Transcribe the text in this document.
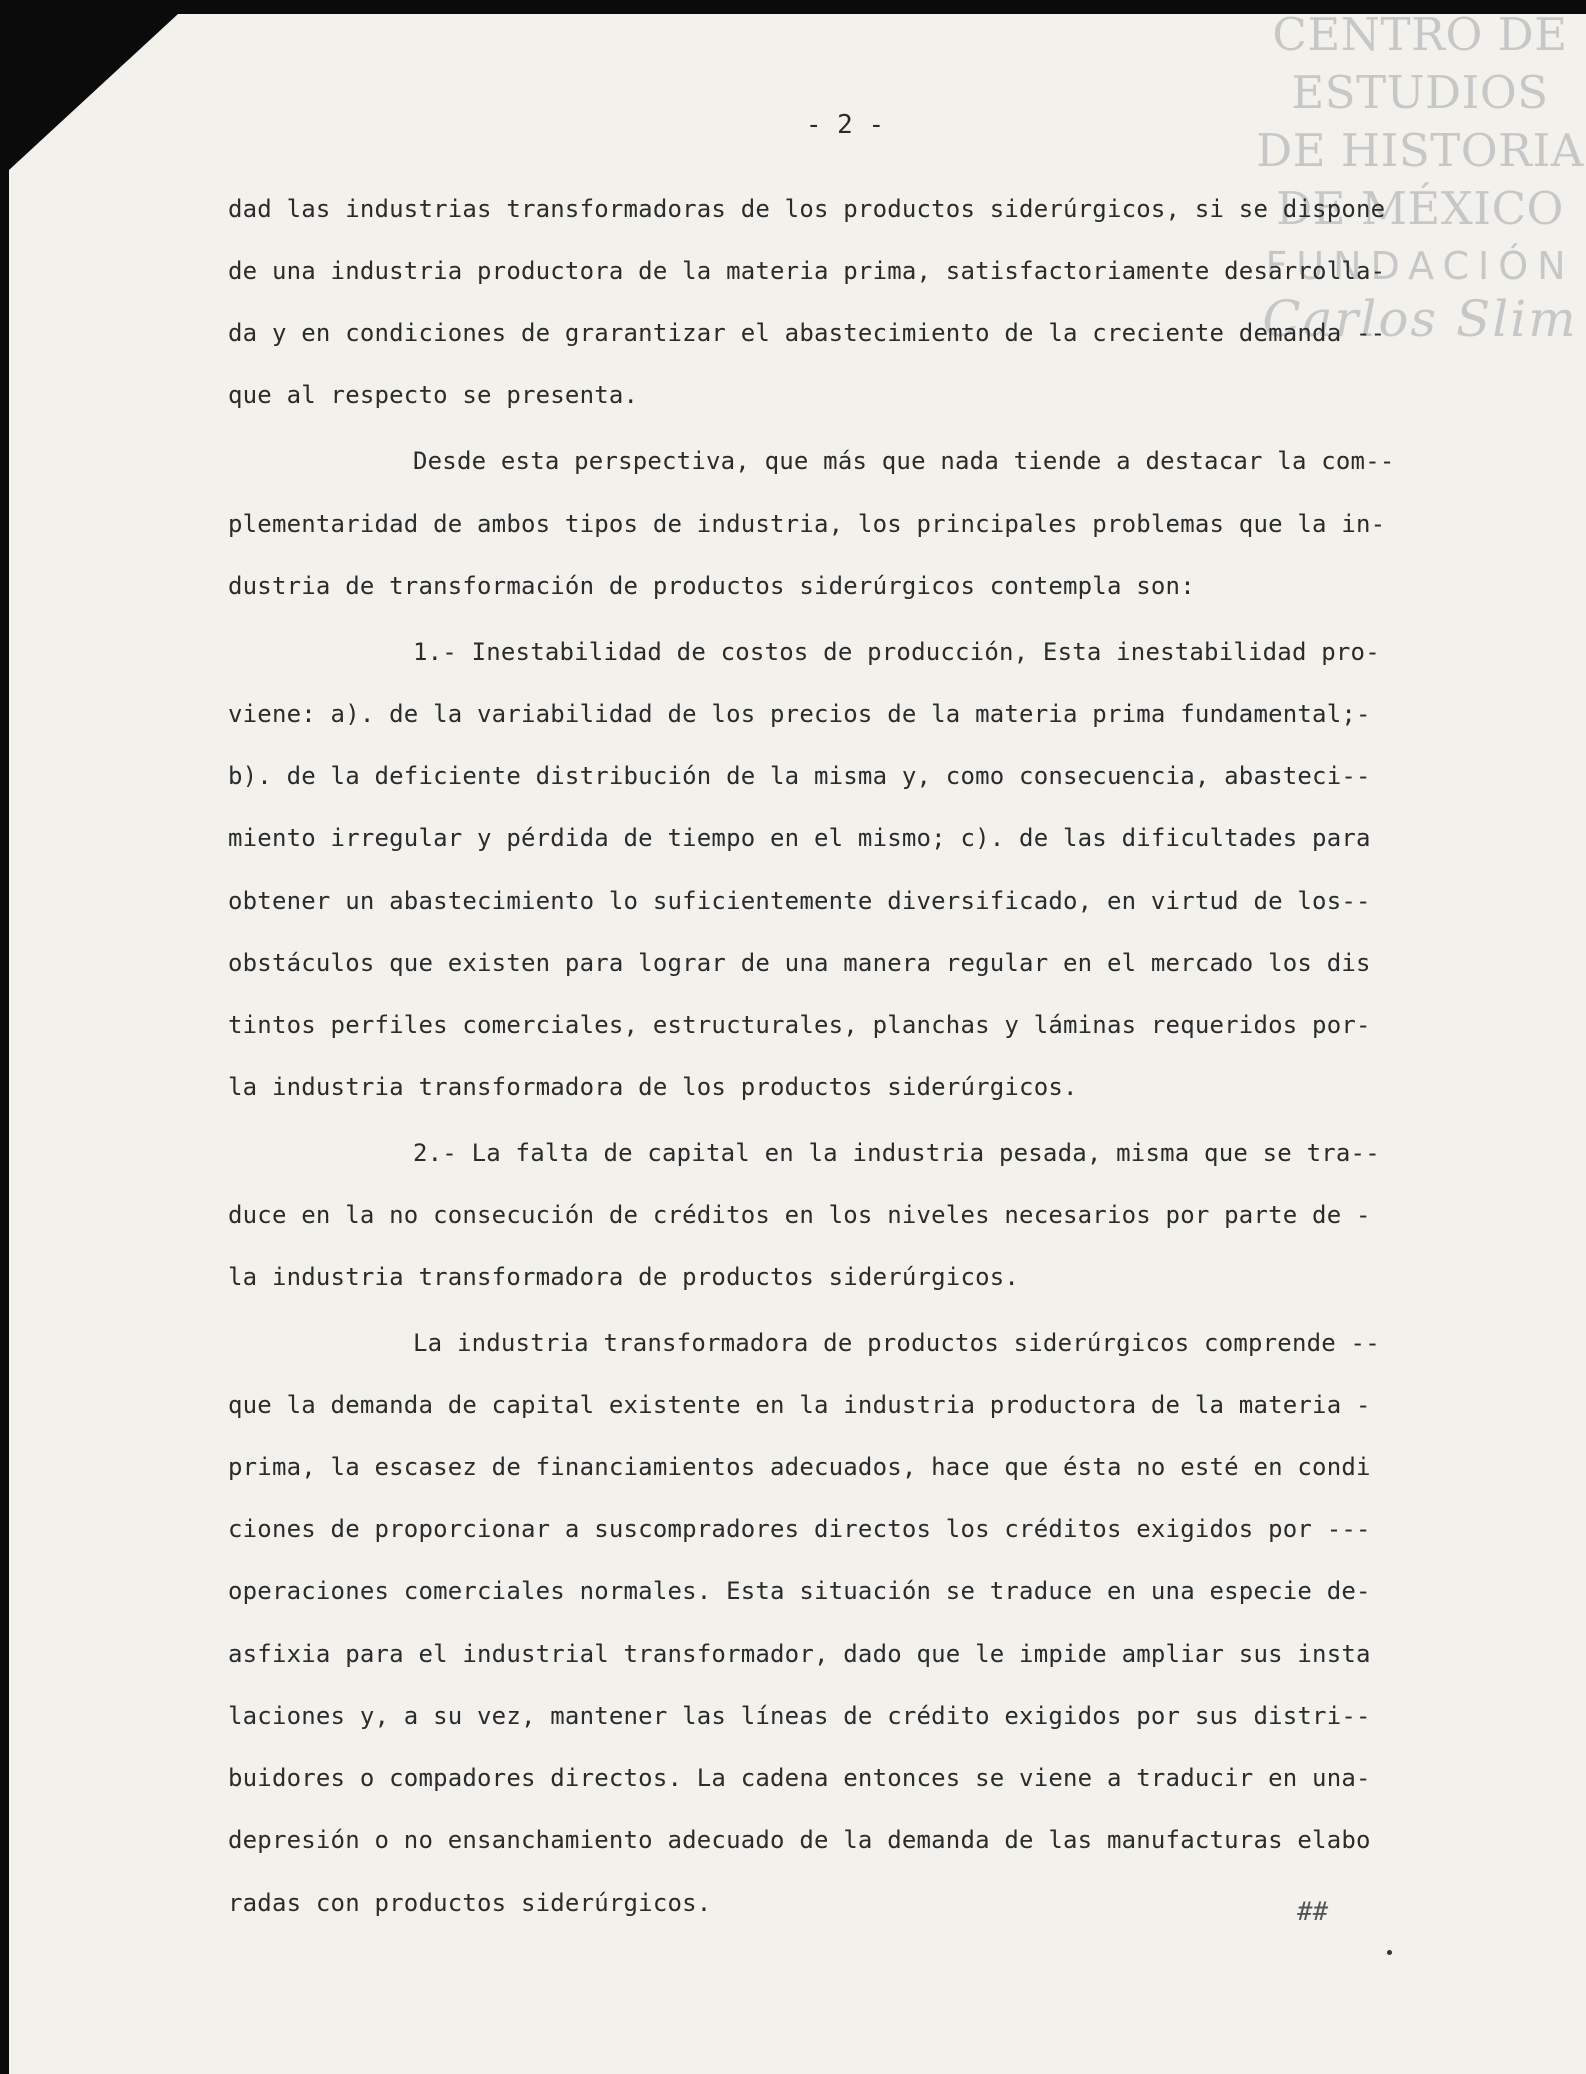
CENTRO DE
ESTUDIOS
DE HISTORIA
DE MÉXICO
FUNDACIÓN
Carlos Slim
- 2 -
dad las industrias transformadoras de los productos siderúrgicos, si se dispone
de una industria productora de la materia prima, satisfactoriamente desarrolla-
da y en condiciones de grarantizar el abastecimiento de la creciente demanda --
que al respecto se presenta.
Desde esta perspectiva, que más que nada tiende a destacar la com--
plementaridad de ambos tipos de industria, los principales problemas que la in-
dustria de transformación de productos siderúrgicos contempla son:
1.- Inestabilidad de costos de producción, Esta inestabilidad pro-
viene: a). de la variabilidad de los precios de la materia prima fundamental;-
b). de la deficiente distribución de la misma y, como consecuencia, abasteci--
miento irregular y pérdida de tiempo en el mismo; c). de las dificultades para
obtener un abastecimiento lo suficientemente diversificado, en virtud de los--
obstáculos que existen para lograr de una manera regular en el mercado los dis
tintos perfiles comerciales, estructurales, planchas y láminas requeridos por-
la industria transformadora de los productos siderúrgicos.
2.- La falta de capital en la industria pesada, misma que se tra--
duce en la no consecución de créditos en los niveles necesarios por parte de -
la industria transformadora de productos siderúrgicos.
La industria transformadora de productos siderúrgicos comprende --
que la demanda de capital existente en la industria productora de la materia -
prima, la escasez de financiamientos adecuados, hace que ésta no esté en condi
ciones de proporcionar a suscompradores directos los créditos exigidos por ---
operaciones comerciales normales. Esta situación se traduce en una especie de-
asfixia para el industrial transformador, dado que le impide ampliar sus insta
laciones y, a su vez, mantener las líneas de crédito exigidos por sus distri--
buidores o compadores directos. La cadena entonces se viene a traducir en una-
depresión o no ensanchamiento adecuado de la demanda de las manufacturas elabo
radas con productos siderúrgicos.	##
